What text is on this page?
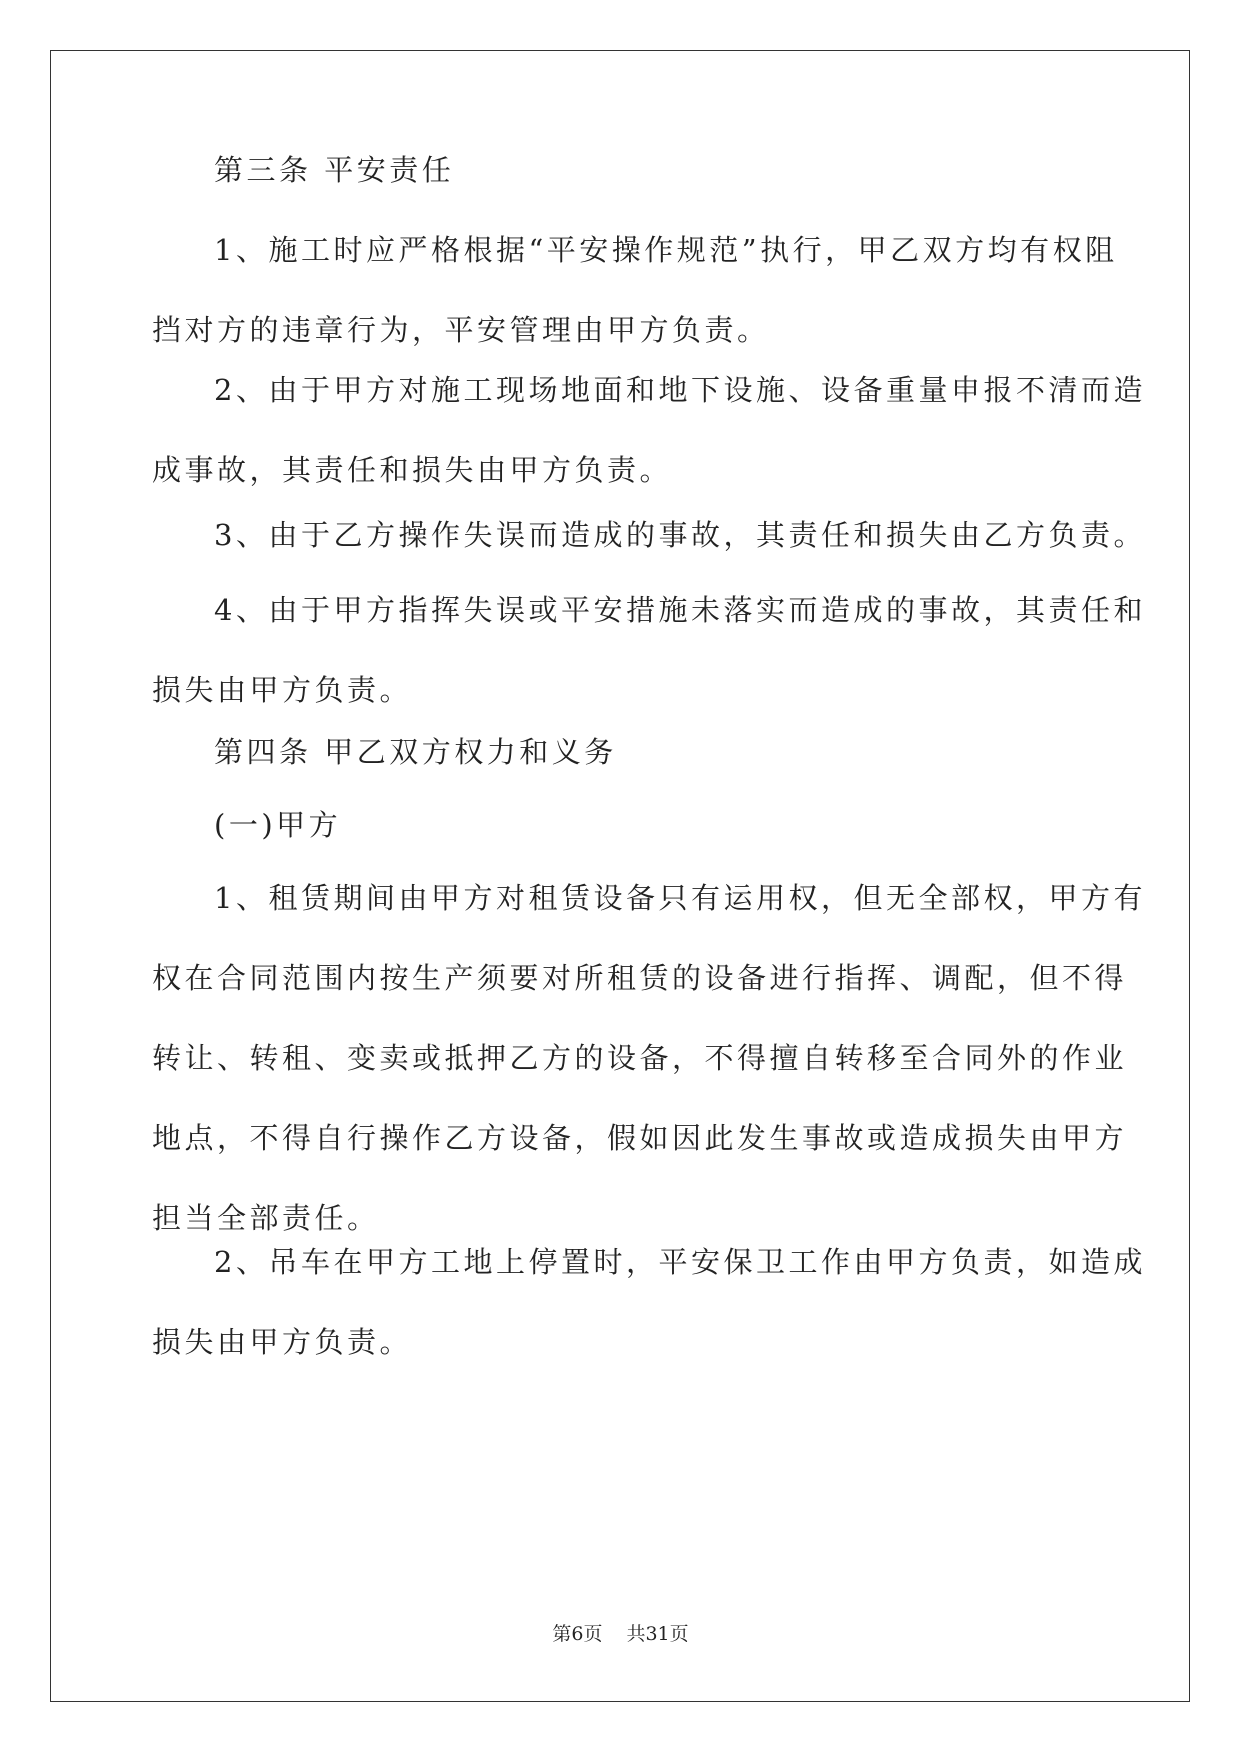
第三条 平安责任
1、施工时应严格根据“平安操作规范”执行，甲乙双方均有权阻
挡对方的违章行为，平安管理由甲方负责。
2、由于甲方对施工现场地面和地下设施、设备重量申报不清而造
成事故，其责任和损失由甲方负责。
3、由于乙方操作失误而造成的事故，其责任和损失由乙方负责。
4、由于甲方指挥失误或平安措施未落实而造成的事故，其责任和
损失由甲方负责。
第四条 甲乙双方权力和义务
(一)甲方
1、租赁期间由甲方对租赁设备只有运用权，但无全部权，甲方有
权在合同范围内按生产须要对所租赁的设备进行指挥、调配，但不得
转让、转租、变卖或抵押乙方的设备，不得擅自转移至合同外的作业
地点，不得自行操作乙方设备，假如因此发生事故或造成损失由甲方
担当全部责任。
2、吊车在甲方工地上停置时，平安保卫工作由甲方负责，如造成
损失由甲方负责。
第6页 共31页
